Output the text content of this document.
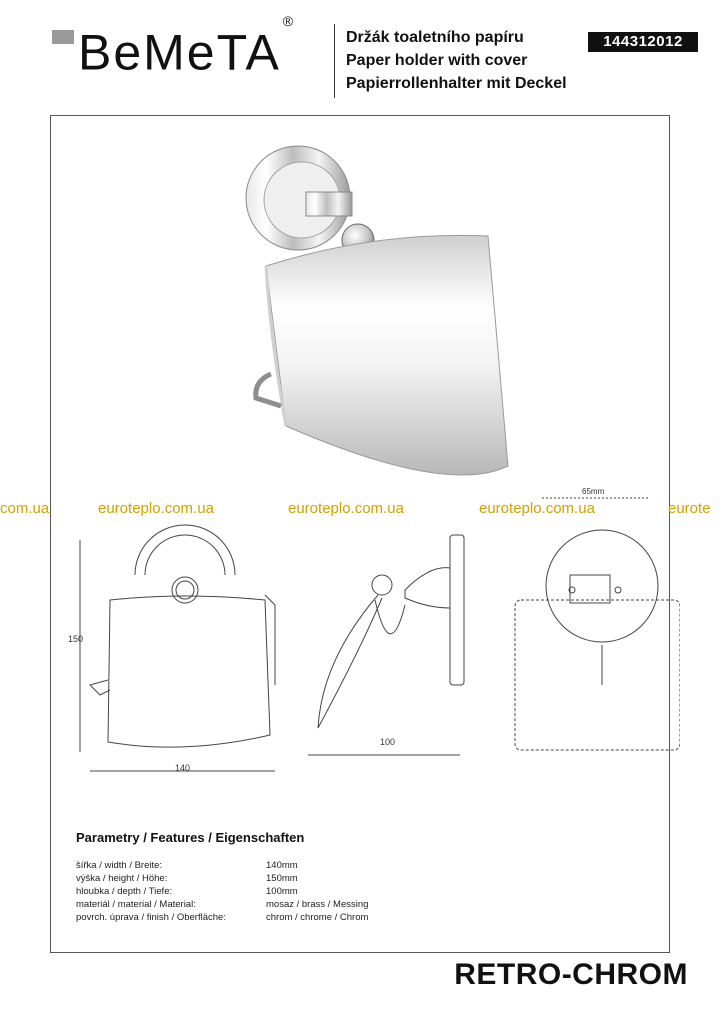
BeMeTA®
Držák toaletního papíru
Paper holder with cover
Papierrollenhalter mit Deckel
144312012
com.ua	euroteplo.com.ua	euroteplo.com.ua	euroteplo.com.ua	eurote
150
140
100
65mm
Parametry / Features / Eigenschaften
šířka / width / Breite:	140mm
výška / height / Höhe:	150mm
hloubka / depth / Tiefe:	100mm
materiál / material / Material:	mosaz / brass / Messing
povrch. úprava / finish / Oberfläche:	chrom / chrome / Chrom
RETRO-CHROM
